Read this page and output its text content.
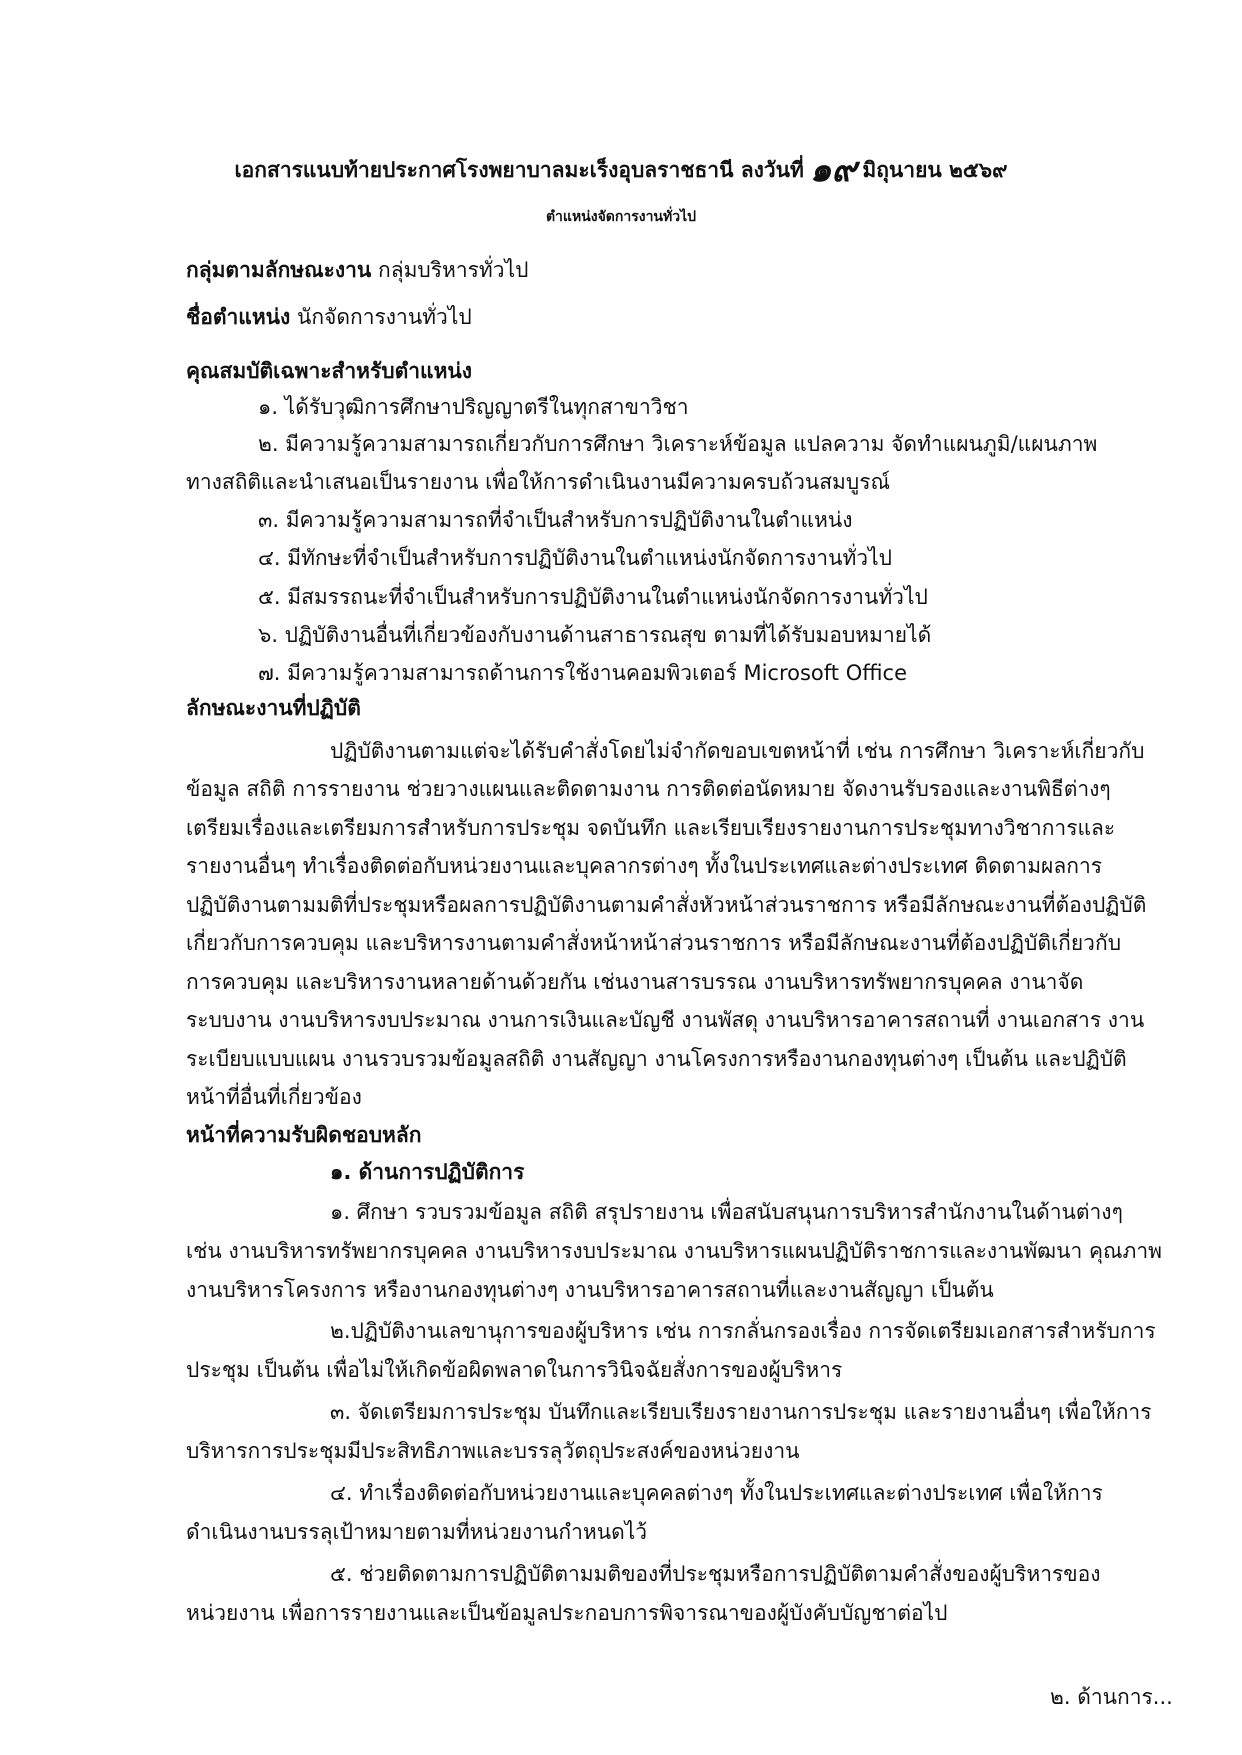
เอกสารแนบท้ายประกาศโรงพยาบาลมะเร็งอุบลราชธานี ลงวันที่ ๑๙ มิถุนายน ๒๕๖๙
ตำแหน่งจัดการงานทั่วไป
กลุ่มตามลักษณะงาน กลุ่มบริหารทั่วไป
ชื่อตำแหน่ง นักจัดการงานทั่วไป
คุณสมบัติเฉพาะสำหรับตำแหน่ง
๑. ได้รับวุฒิการศึกษาปริญญาตรีในทุกสาขาวิชา
๒. มีความรู้ความสามารถเกี่ยวกับการศึกษา วิเคราะห์ข้อมูล แปลความ จัดทำแผนภูมิ/แผนภาพ
ทางสถิติและนำเสนอเป็นรายงาน เพื่อให้การดำเนินงานมีความครบถ้วนสมบูรณ์
๓. มีความรู้ความสามารถที่จำเป็นสำหรับการปฏิบัติงานในตำแหน่ง
๔. มีทักษะที่จำเป็นสำหรับการปฏิบัติงานในตำแหน่งนักจัดการงานทั่วไป
๕. มีสมรรถนะที่จำเป็นสำหรับการปฏิบัติงานในตำแหน่งนักจัดการงานทั่วไป
๖. ปฏิบัติงานอื่นที่เกี่ยวข้องกับงานด้านสาธารณสุข ตามที่ได้รับมอบหมายได้
๗. มีความรู้ความสามารถด้านการใช้งานคอมพิวเตอร์ Microsoft Office
ลักษณะงานที่ปฏิบัติ
ปฏิบัติงานตามแต่จะได้รับคำสั่งโดยไม่จำกัดขอบเขตหน้าที่ เช่น การศึกษา วิเคราะห์เกี่ยวกับ
ข้อมูล สถิติ การรายงาน ช่วยวางแผนและติดตามงาน การติดต่อนัดหมาย จัดงานรับรองและงานพิธีต่างๆ
เตรียมเรื่องและเตรียมการสำหรับการประชุม จดบันทึก และเรียบเรียงรายงานการประชุมทางวิชาการและ
รายงานอื่นๆ ทำเรื่องติดต่อกับหน่วยงานและบุคลากรต่างๆ ทั้งในประเทศและต่างประเทศ ติดตามผลการ
ปฏิบัติงานตามมติที่ประชุมหรือผลการปฏิบัติงานตามคำสั่งหัวหน้าส่วนราชการ หรือมีลักษณะงานที่ต้องปฏิบัติ
เกี่ยวกับการควบคุม และบริหารงานตามคำสั่งหน้าหน้าส่วนราชการ หรือมีลักษณะงานที่ต้องปฏิบัติเกี่ยวกับ
การควบคุม และบริหารงานหลายด้านด้วยกัน เช่นงานสารบรรณ งานบริหารทรัพยากรบุคคล งานาจัด
ระบบงาน งานบริหารงบประมาณ งานการเงินและบัญชี งานพัสดุ งานบริหารอาคารสถานที่ งานเอกสาร งาน
ระเบียบแบบแผน งานรวบรวมข้อมูลสถิติ งานสัญญา งานโครงการหรืองานกองทุนต่างๆ เป็นต้น และปฏิบัติ
หน้าที่อื่นที่เกี่ยวข้อง
หน้าที่ความรับผิดชอบหลัก
๑. ด้านการปฏิบัติการ
๑. ศึกษา รวบรวมข้อมูล สถิติ สรุปรายงาน เพื่อสนับสนุนการบริหารสำนักงานในด้านต่างๆ
เช่น งานบริหารทรัพยากรบุคคล งานบริหารงบประมาณ งานบริหารแผนปฏิบัติราชการและงานพัฒนา คุณภาพ
งานบริหารโครงการ หรืองานกองทุนต่างๆ งานบริหารอาคารสถานที่และงานสัญญา เป็นต้น
๒.ปฏิบัติงานเลขานุการของผู้บริหาร เช่น การกลั่นกรองเรื่อง การจัดเตรียมเอกสารสำหรับการ
ประชุม เป็นต้น เพื่อไม่ให้เกิดข้อผิดพลาดในการวินิจฉัยสั่งการของผู้บริหาร
๓. จัดเตรียมการประชุม บันทึกและเรียบเรียงรายงานการประชุม และรายงานอื่นๆ เพื่อให้การ
บริหารการประชุมมีประสิทธิภาพและบรรลุวัตถุประสงค์ของหน่วยงาน
๔. ทำเรื่องติดต่อกับหน่วยงานและบุคคลต่างๆ ทั้งในประเทศและต่างประเทศ เพื่อให้การ
ดำเนินงานบรรลุเป้าหมายตามที่หน่วยงานกำหนดไว้
๕. ช่วยติดตามการปฏิบัติตามมติของที่ประชุมหรือการปฏิบัติตามคำสั่งของผู้บริหารของ
หน่วยงาน เพื่อการรายงานและเป็นข้อมูลประกอบการพิจารณาของผู้บังคับบัญชาต่อไป
๒. ด้านการ...
